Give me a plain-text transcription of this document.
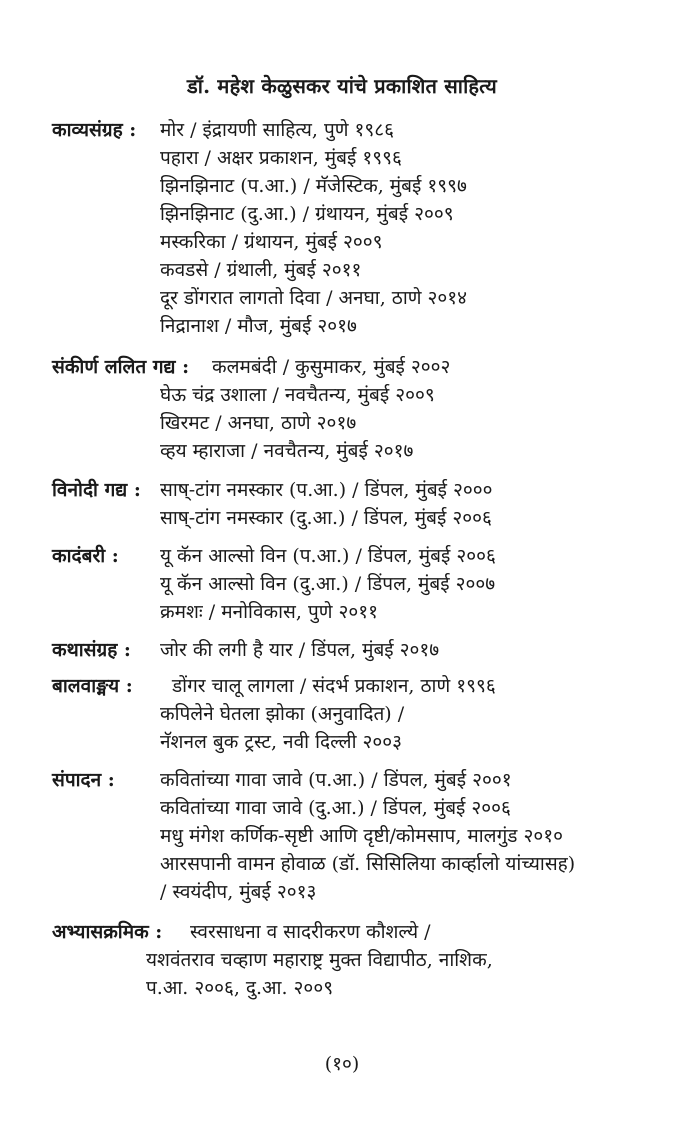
डॉ. महेश केळुसकर यांचे प्रकाशित साहित्य
काव्यसंग्रह : मोर / इंद्रायणी साहित्य, पुणे १९८६
पहारा / अक्षर प्रकाशन, मुंबई १९९६
झिनझिनाट (प.आ.) / मॅजेस्टिक, मुंबई १९९७
झिनझिनाट (दु.आ.) / ग्रंथायन, मुंबई २००९
मस्करिका / ग्रंथायन, मुंबई २००९
कवडसे / ग्रंथाली, मुंबई २०११
दूर डोंगरात लागतो दिवा / अनघा, ठाणे २०१४
निद्रानाश / मौज, मुंबई २०१७
संकीर्ण ललित गद्य : कलमबंदी / कुसुमाकर, मुंबई २००२
घेऊ चंद्र उशाला / नवचैतन्य, मुंबई २००९
खिरमट / अनघा, ठाणे २०१७
व्हय म्हाराजा / नवचैतन्य, मुंबई २०१७
विनोदी गद्य : साष्‌-टांग नमस्कार (प.आ.) / डिंपल, मुंबई २०००
साष्‌-टांग नमस्कार (दु.आ.) / डिंपल, मुंबई २००६
कादंबरी : यू कॅन आल्सो विन (प.आ.) / डिंपल, मुंबई २००६
यू कॅन आल्सो विन (दु.आ.) / डिंपल, मुंबई २००७
क्रमशः / मनोविकास, पुणे २०११
कथासंग्रह : जोर की लगी है यार / डिंपल, मुंबई २०१७
बालवाङ्मय : डोंगर चालू लागला / संदर्भ प्रकाशन, ठाणे १९९६
कपिलेने घेतला झोका (अनुवादित) /
नॅशनल बुक ट्रस्ट, नवी दिल्ली २००३
संपादन : कवितांच्या गावा जावे (प.आ.) / डिंपल, मुंबई २००१
कवितांच्या गावा जावे (दु.आ.) / डिंपल, मुंबई २००६
मधु मंगेश कर्णिक-सृष्टी आणि दृष्टी/कोमसाप, मालगुंड २०१०
आरसपानी वामन होवाळ (डॉ. सिसिलिया कार्व्हालो यांच्यासह)
/ स्वयंदीप, मुंबई २०१३
अभ्यासक्रमिक : स्वरसाधना व सादरीकरण कौशल्ये /
यशवंतराव चव्हाण महाराष्ट्र मुक्त विद्यापीठ, नाशिक,
प.आ. २००६, दु.आ. २००९
(१०)
